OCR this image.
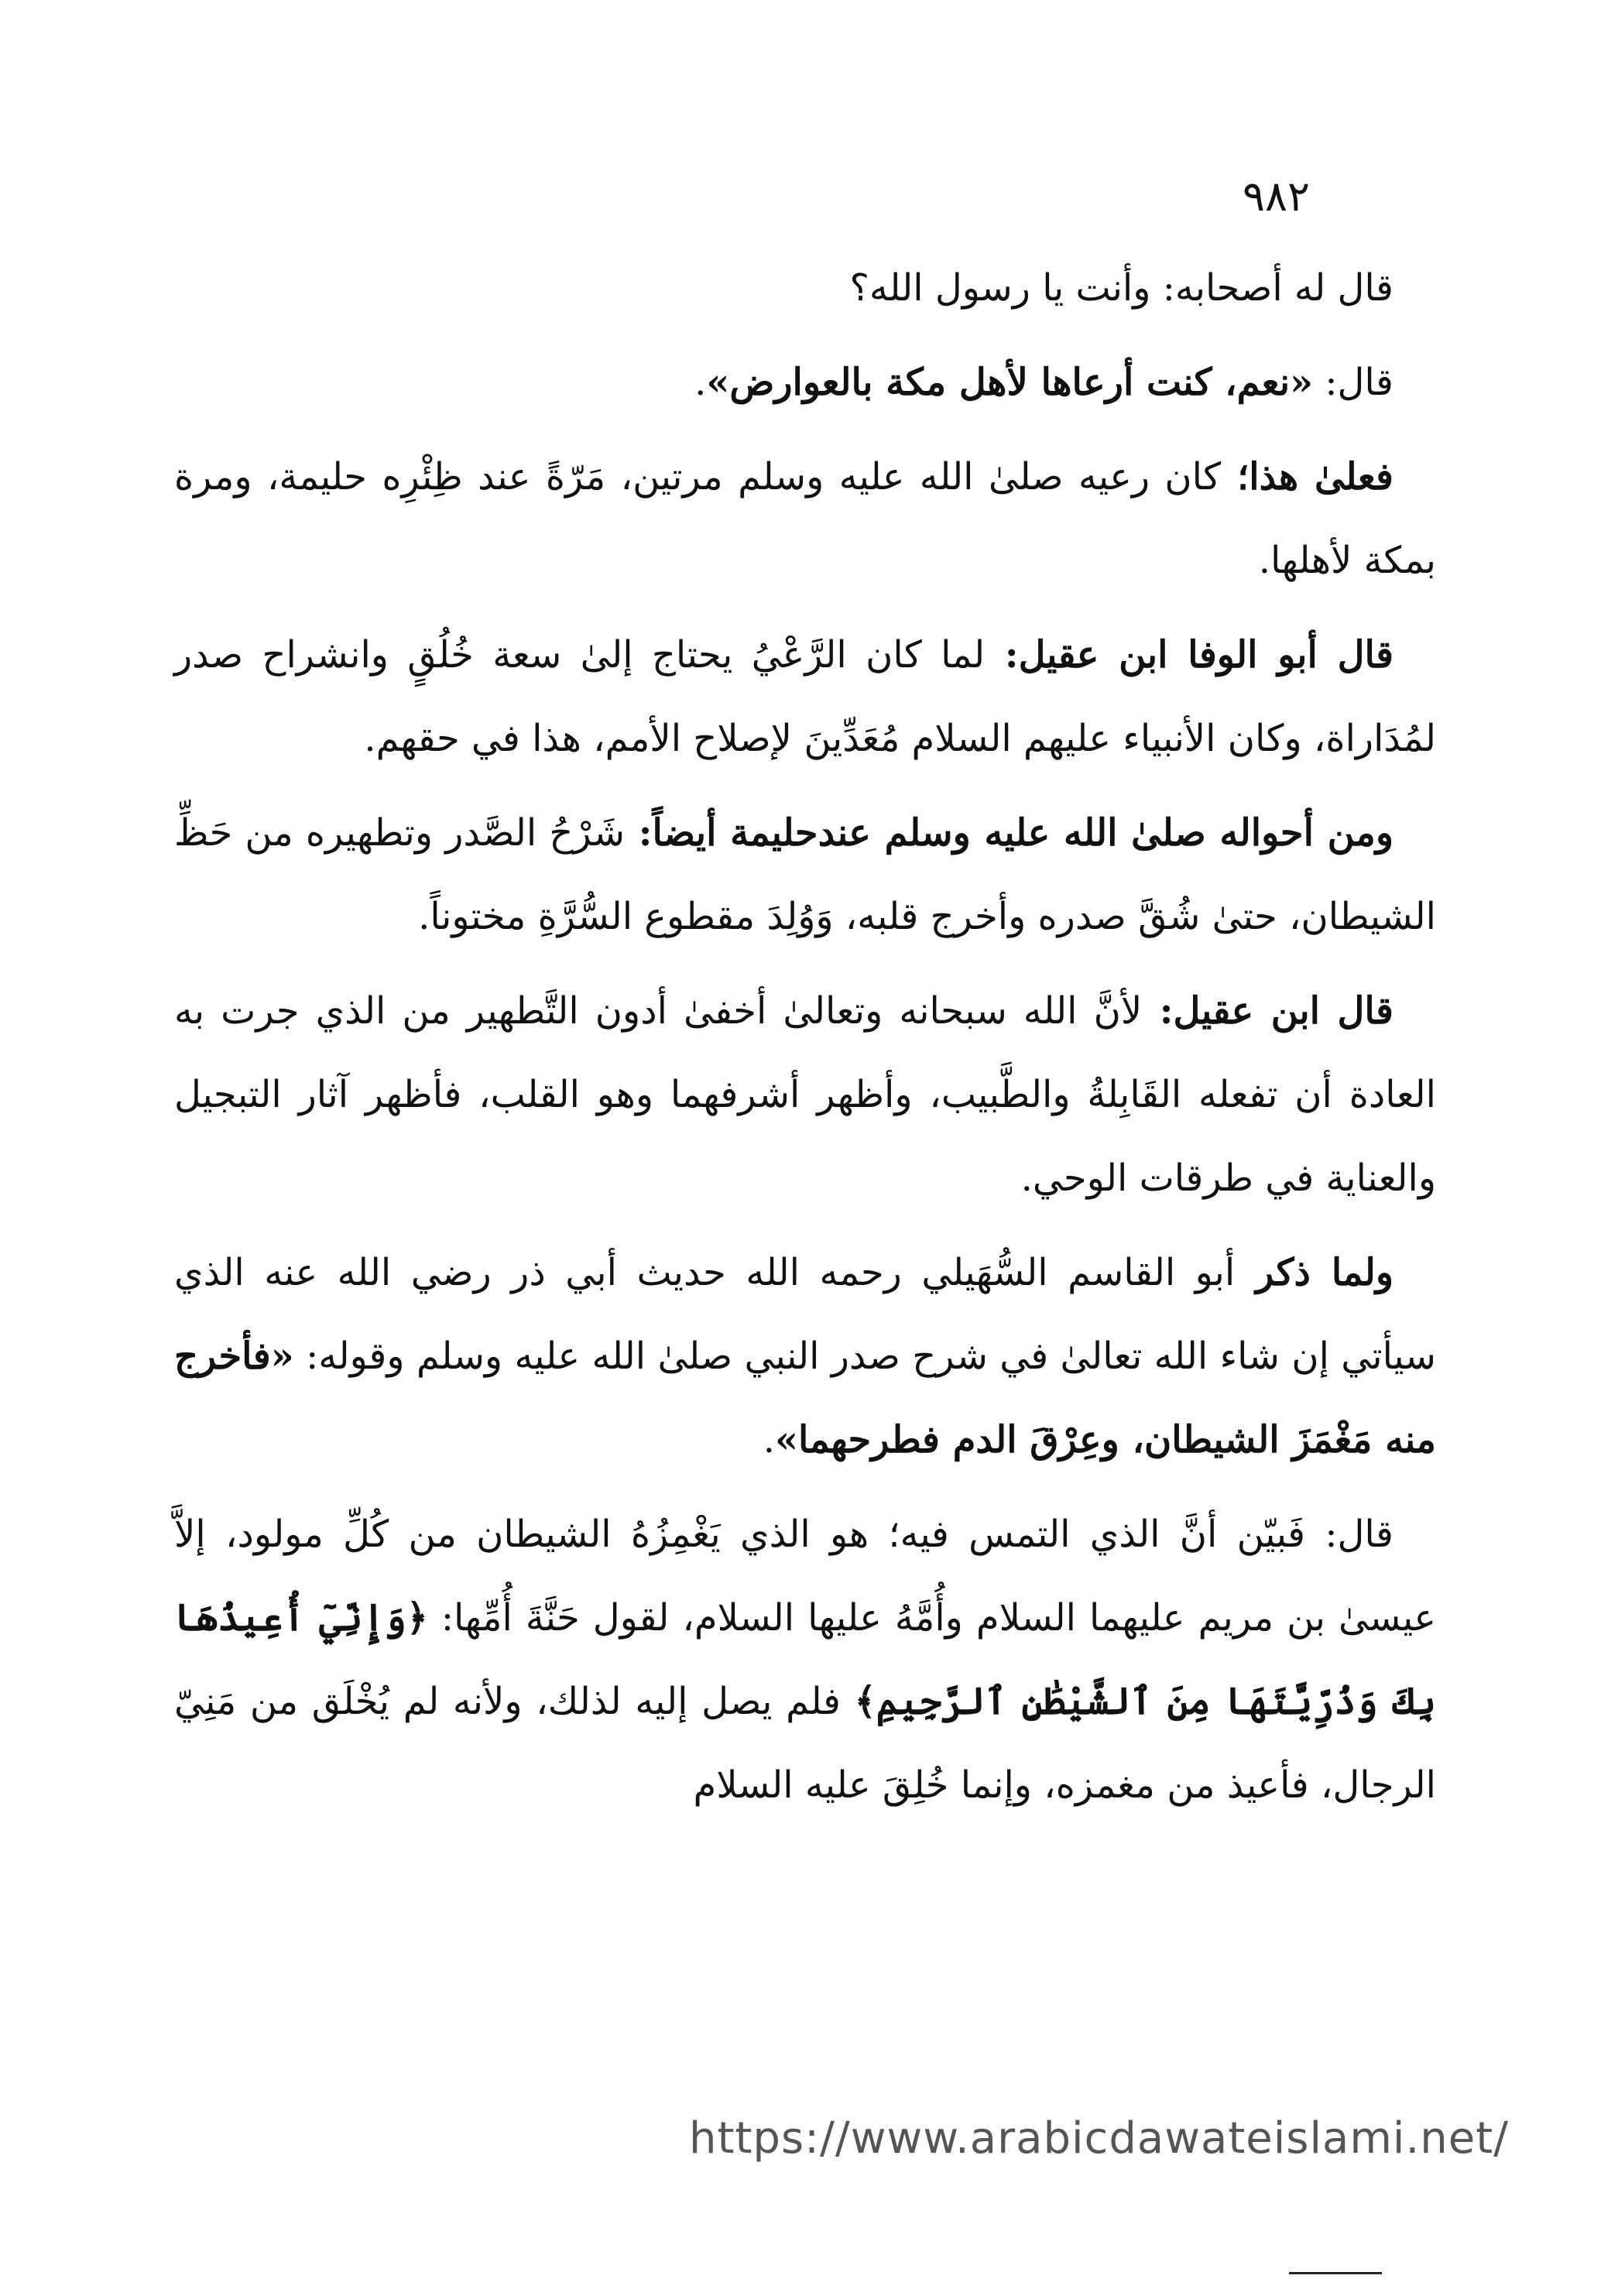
٩٨٢

قال له أصحابه: وأنت يا رسول الله؟

قال: «نعم، كنت أرعاها لأهل مكة بالعوارض».

فعلىٰ هذا؛ كان رعيه صلىٰ الله عليه وسلم مرتين، مَرّةً عند ظِئْرِه حليمة، ومرة بمكة لأهلها.

قال أبو الوفا ابن عقيل: لما كان الرَّعْيُ يحتاج إلىٰ سعة خُلُقٍ وانشراح صدر لمُدَاراة، وكان الأنبياء عليهم السلام مُعَدِّينَ لإصلاح الأمم، هذا في حقهم.

ومن أحواله صلىٰ الله عليه وسلم عندحليمة أيضاً: شَرْحُ الصَّدر وتطهيره من حَظِّ الشيطان، حتىٰ شُقَّ صدره وأخرج قلبه، وَوُلِدَ مقطوع السُّرَّةِ مختوناً.

قال ابن عقيل: لأنَّ الله سبحانه وتعالىٰ أخفىٰ أدون التَّطهير من الذي جرت به العادة أن تفعله القَابِلةُ والطَّبيب، وأظهر أشرفهما وهو القلب، فأظهر آثار التبجيل والعناية في طرقات الوحي.

ولما ذكر أبو القاسم السُّهَيلي رحمه الله حديث أبي ذر رضي الله عنه الذي سيأتي إن شاء الله تعالىٰ في شرح صدر النبي صلىٰ الله عليه وسلم وقوله: «فأخرج منه مَغْمَزَ الشيطان، وعِرْقَ الدم فطرحهما».

قال: فَبيّن أنَّ الذي التمس فيه؛ هو الذي يَغْمِزُهُ الشيطان من كُلِّ مولود، إلاَّ عيسىٰ بن مريم عليهما السلام وأُمَّهُ عليها السلام، لقول حَنَّةَ أُمِّها: ﴿وَإِنِّيٓ أُعِيذُهَا بِكَ وَذُرِّيَّتَهَا مِنَ ٱلشَّيْطَٰنِ ٱلرَّجِيمِ﴾ فلم يصل إليه لذلك، ولأنه لم يُخْلَق من مَنِيّ الرجال، فأعيذ من مغمزه، وإنما خُلِقَ عليه السلام

https://www.arabicdawateislami.net/
